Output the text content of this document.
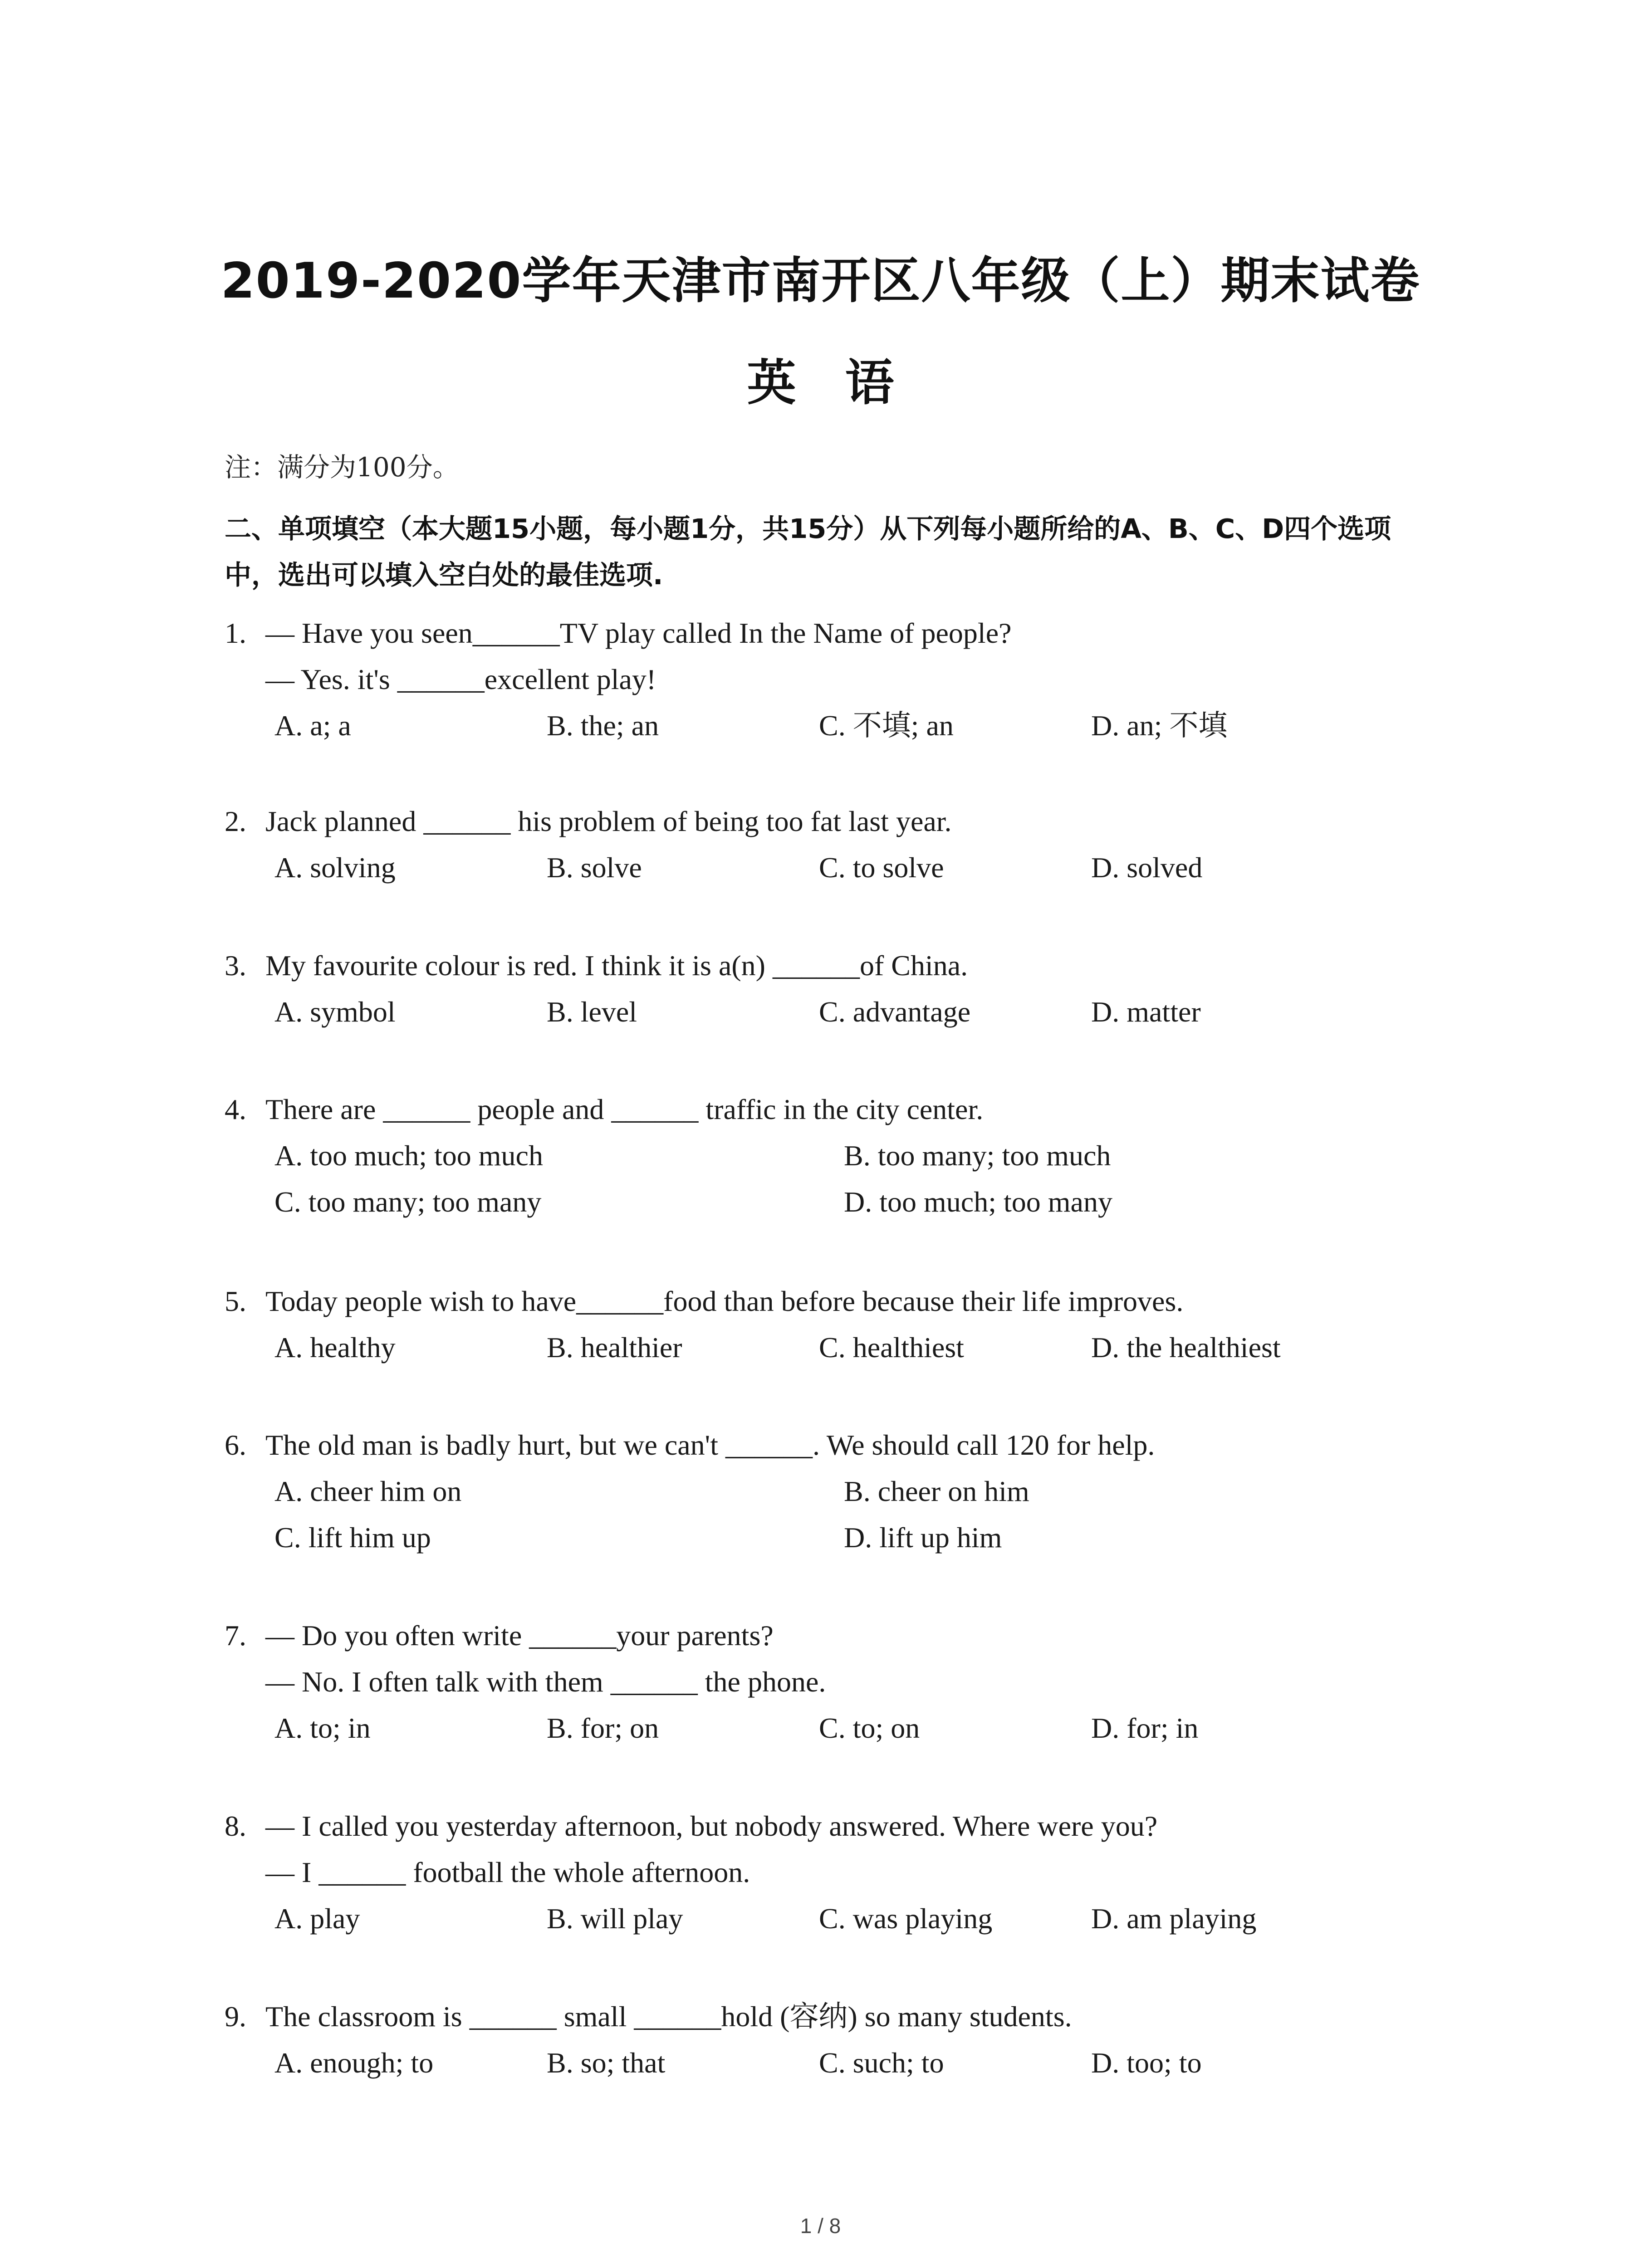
2019-2020学年天津市南开区八年级（上）期末试卷
英　语
注：满分为100分。
二、单项填空（本大题15小题，每小题1分，共15分）从下列每小题所给的A、B、C、D四个选项中，选出可以填入空白处的最佳选项.
1. — Have you seen______TV play called In the Name of people?
— Yes. it's ______excellent play!
A. a; a	B. the; an	C. 不填; an	D. an; 不填
2. Jack planned ______ his problem of being too fat last year.
A. solving	B. solve	C. to solve	D. solved
3. My favourite colour is red. I think it is a(n) ______of China.
A. symbol	B. level	C. advantage	D. matter
4. There are ______ people and ______ traffic in the city center.
A. too much; too much	B. too many; too much
C. too many; too many	D. too much; too many
5. Today people wish to have______food than before because their life improves.
A. healthy	B. healthier	C. healthiest	D. the healthiest
6. The old man is badly hurt, but we can't ______. We should call 120 for help.
A. cheer him on	B. cheer on him
C. lift him up	D. lift up him
7. — Do you often write ______your parents?
— No. I often talk with them ______ the phone.
A. to; in	B. for; on	C. to; on	D. for; in
8. — I called you yesterday afternoon, but nobody answered. Where were you?
— I ______ football the whole afternoon.
A. play	B. will play	C. was playing	D. am playing
9. The classroom is ______ small ______hold (容纳) so many students.
A. enough; to	B. so; that	C. such; to	D. too; to
1 / 8
